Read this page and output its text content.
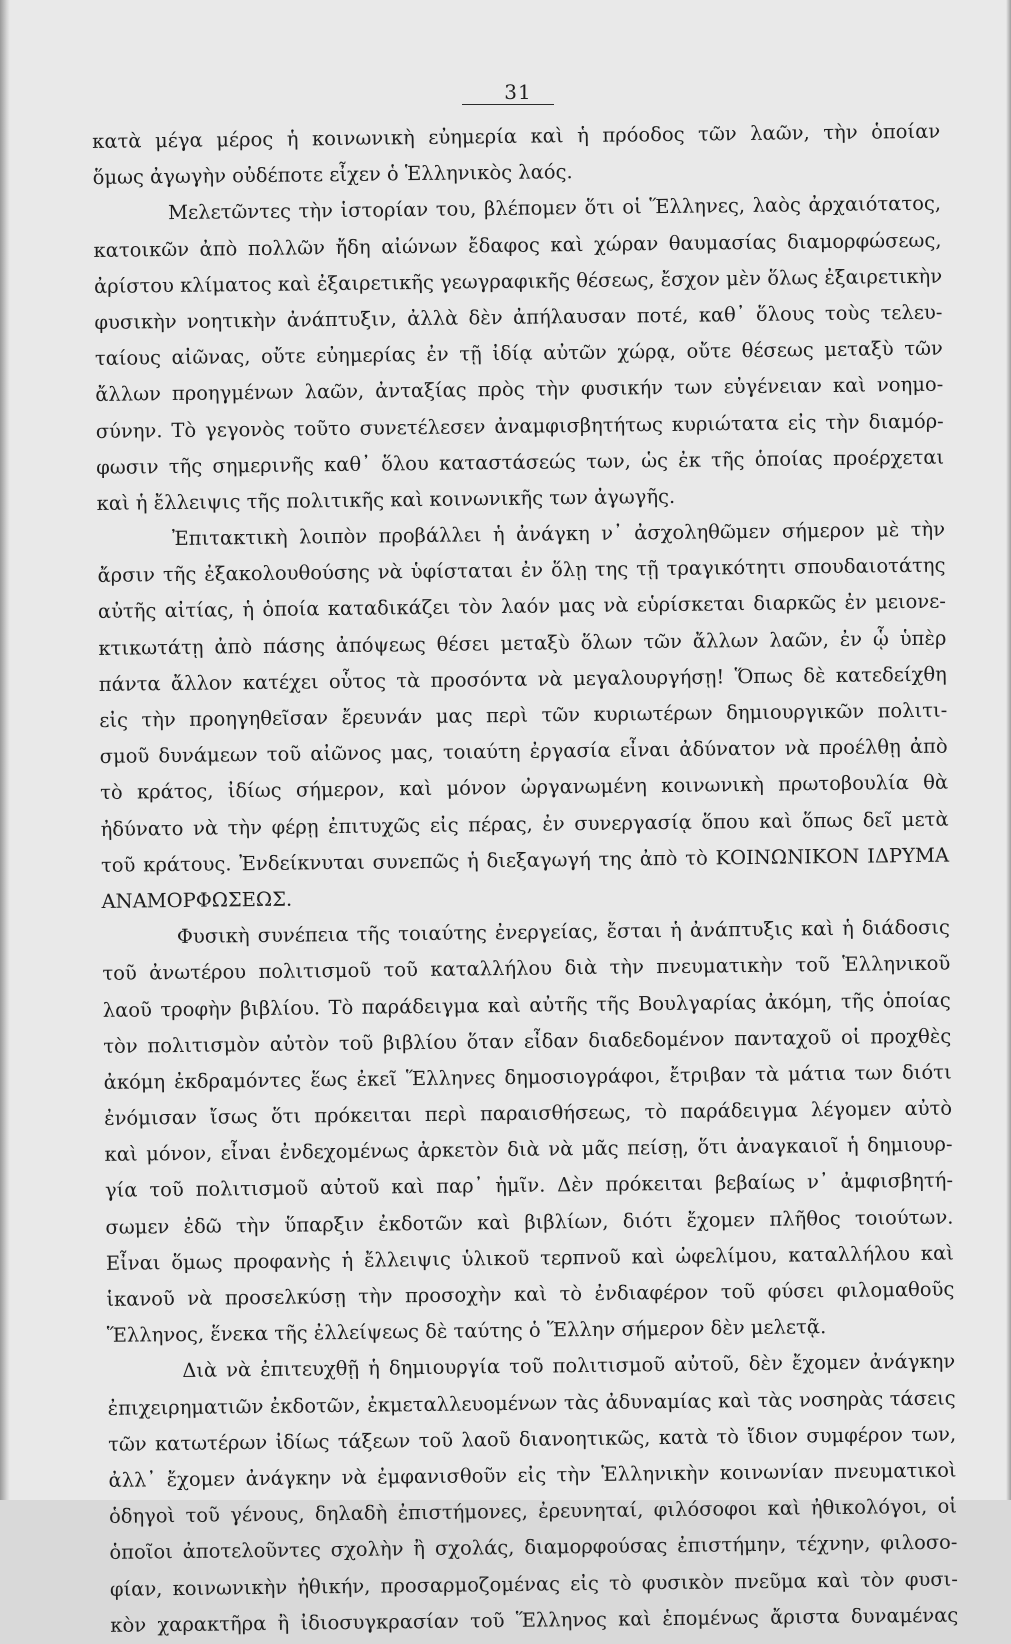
31
κατὰ μέγα μέρος ἡ κοινωνικὴ εὐημερία καὶ ἡ πρόοδος τῶν λαῶν, τὴν ὁποίαν
ὅμως ἀγωγὴν οὐδέποτε εἶχεν ὁ Ἑλληνικὸς λαός.
Μελετῶντες τὴν ἱστορίαν του, βλέπομεν ὅτι οἱ Ἕλληνες, λαὸς ἀρχαιότατος,
κατοικῶν ἀπὸ πολλῶν ἤδη αἰώνων ἔδαφος καὶ χώραν θαυμασίας διαμορφώσεως,
ἀρίστου κλίματος καὶ ἐξαιρετικῆς γεωγραφικῆς θέσεως, ἔσχον μὲν ὅλως ἐξαιρετικὴν
φυσικὴν νοητικὴν ἀνάπτυξιν, ἀλλὰ δὲν ἀπήλαυσαν ποτέ, καθ᾽ ὅλους τοὺς τελευ-
ταίους αἰῶνας, οὔτε εὐημερίας ἐν τῇ ἰδίᾳ αὐτῶν χώρᾳ, οὔτε θέσεως μεταξὺ τῶν
ἄλλων προηγμένων λαῶν, ἀνταξίας πρὸς τὴν φυσικήν των εὐγένειαν καὶ νοημο-
σύνην. Τὸ γεγονὸς τοῦτο συνετέλεσεν ἀναμφισβητήτως κυριώτατα εἰς τὴν διαμόρ-
φωσιν τῆς σημερινῆς καθ᾽ ὅλου καταστάσεώς των, ὡς ἐκ τῆς ὁποίας προέρχεται
καὶ ἡ ἔλλειψις τῆς πολιτικῆς καὶ κοινωνικῆς των ἀγωγῆς.
Ἐπιτακτικὴ λοιπὸν προβάλλει ἡ ἀνάγκη ν᾽ ἀσχοληθῶμεν σήμερον μὲ τὴν
ἄρσιν τῆς ἐξακολουθούσης νὰ ὑφίσταται ἐν ὅλῃ της τῇ τραγικότητι σπουδαιοτάτης
αὐτῆς αἰτίας, ἡ ὁποία καταδικάζει τὸν λαόν μας νὰ εὑρίσκεται διαρκῶς ἐν μειονε-
κτικωτάτῃ ἀπὸ πάσης ἀπόψεως θέσει μεταξὺ ὅλων τῶν ἄλλων λαῶν, ἐν ᾧ ὑπὲρ
πάντα ἄλλον κατέχει οὗτος τὰ προσόντα νὰ μεγαλουργήσῃ! Ὅπως δὲ κατεδείχθη
εἰς τὴν προηγηθεῖσαν ἔρευνάν μας περὶ τῶν κυριωτέρων δημιουργικῶν πολιτι-
σμοῦ δυνάμεων τοῦ αἰῶνος μας, τοιαύτη ἐργασία εἶναι ἀδύνατον νὰ προέλθῃ ἀπὸ
τὸ κράτος, ἰδίως σήμερον, καὶ μόνον ὠργανωμένη κοινωνικὴ πρωτοβουλία θὰ
ἠδύνατο νὰ τὴν φέρῃ ἐπιτυχῶς εἰς πέρας, ἐν συνεργασίᾳ ὅπου καὶ ὅπως δεῖ μετὰ
τοῦ κράτους. Ἐνδείκνυται συνεπῶς ἡ διεξαγωγή της ἀπὸ τὸ ΚΟΙΝΩΝΙΚΟΝ ΙΔΡΥΜΑ
ΑΝΑΜΟΡΦΩΣΕΩΣ.
Φυσικὴ συνέπεια τῆς τοιαύτης ἐνεργείας, ἔσται ἡ ἀνάπτυξις καὶ ἡ διάδοσις
τοῦ ἀνωτέρου πολιτισμοῦ τοῦ καταλλήλου διὰ τὴν πνευματικὴν τοῦ Ἑλληνικοῦ
λαοῦ τροφὴν βιβλίου. Τὸ παράδειγμα καὶ αὐτῆς τῆς Βουλγαρίας ἀκόμη, τῆς ὁποίας
τὸν πολιτισμὸν αὐτὸν τοῦ βιβλίου ὅταν εἶδαν διαδεδομένον πανταχοῦ οἱ προχθὲς
ἀκόμη ἐκδραμόντες ἕως ἐκεῖ Ἕλληνες δημοσιογράφοι, ἔτριβαν τὰ μάτια των διότι
ἐνόμισαν ἴσως ὅτι πρόκειται περὶ παραισθήσεως, τὸ παράδειγμα λέγομεν αὐτὸ
καὶ μόνον, εἶναι ἐνδεχομένως ἀρκετὸν διὰ νὰ μᾶς πείσῃ, ὅτι ἀναγκαιοῖ ἡ δημιουρ-
γία τοῦ πολιτισμοῦ αὐτοῦ καὶ παρ᾽ ἡμῖν. Δὲν πρόκειται βεβαίως ν᾽ ἀμφισβητή-
σωμεν ἐδῶ τὴν ὕπαρξιν ἐκδοτῶν καὶ βιβλίων, διότι ἔχομεν πλῆθος τοιούτων.
Εἶναι ὅμως προφανὴς ἡ ἔλλειψις ὑλικοῦ τερπνοῦ καὶ ὠφελίμου, καταλλήλου καὶ
ἱκανοῦ νὰ προσελκύσῃ τὴν προσοχὴν καὶ τὸ ἐνδιαφέρον τοῦ φύσει φιλομαθοῦς
Ἕλληνος, ἕνεκα τῆς ἐλλείψεως δὲ ταύτης ὁ Ἕλλην σήμερον δὲν μελετᾷ.
Διὰ νὰ ἐπιτευχθῇ ἡ δημιουργία τοῦ πολιτισμοῦ αὐτοῦ, δὲν ἔχομεν ἀνάγκην
ἐπιχειρηματιῶν ἐκδοτῶν, ἐκμεταλλευομένων τὰς ἀδυναμίας καὶ τὰς νοσηρὰς τάσεις
τῶν κατωτέρων ἰδίως τάξεων τοῦ λαοῦ διανοητικῶς, κατὰ τὸ ἴδιον συμφέρον των,
ἀλλ᾽ ἔχομεν ἀνάγκην νὰ ἐμφανισθοῦν εἰς τὴν Ἑλληνικὴν κοινωνίαν πνευματικοὶ
ὁδηγοὶ τοῦ γένους, δηλαδὴ ἐπιστήμονες, ἐρευνηταί, φιλόσοφοι καὶ ἠθικολόγοι, οἱ
ὁποῖοι ἀποτελοῦντες σχολὴν ἢ σχολάς, διαμορφούσας ἐπιστήμην, τέχνην, φιλοσο-
φίαν, κοινωνικὴν ἠθικήν, προσαρμοζομένας εἰς τὸ φυσικὸν πνεῦμα καὶ τὸν φυσι-
κὸν χαρακτῆρα ἢ ἰδιοσυγκρασίαν τοῦ Ἕλληνος καὶ ἑπομένως ἄριστα δυναμένας
